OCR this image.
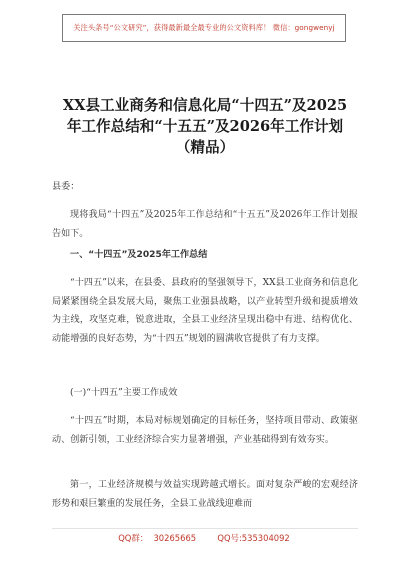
关注头条号“公文研究”，获得最新最全最专业的公文资料库！ 微信：gongwenyj
XX县工业商务和信息化局“十四五”及2025
年工作总结和“十五五”及2026年工作计划
（精品）
县委：
现将我局“十四五”及2025年工作总结和“十五五”及2026年工作计划报告如下。
一、“十四五”及2025年工作总结
“十四五”以来，在县委、县政府的坚强领导下，XX县工业商务和信息化局紧紧围绕全县发展大局，聚焦工业强县战略，以产业转型升级和提质增效为主线，攻坚克难，锐意进取，全县工业经济呈现出稳中有进、结构优化、动能增强的良好态势，为“十四五”规划的圆满收官提供了有力支撑。
(一)“十四五”主要工作成效
“十四五”时期，本局对标规划确定的目标任务，坚持项目带动、政策驱动、创新引领，工业经济综合实力显著增强，产业基础得到有效夯实。
第一，工业经济规模与效益实现跨越式增长。面对复杂严峻的宏观经济形势和艰巨繁重的发展任务，全县工业战线迎难而
QQ群：  30265665	QQ号:535304092
